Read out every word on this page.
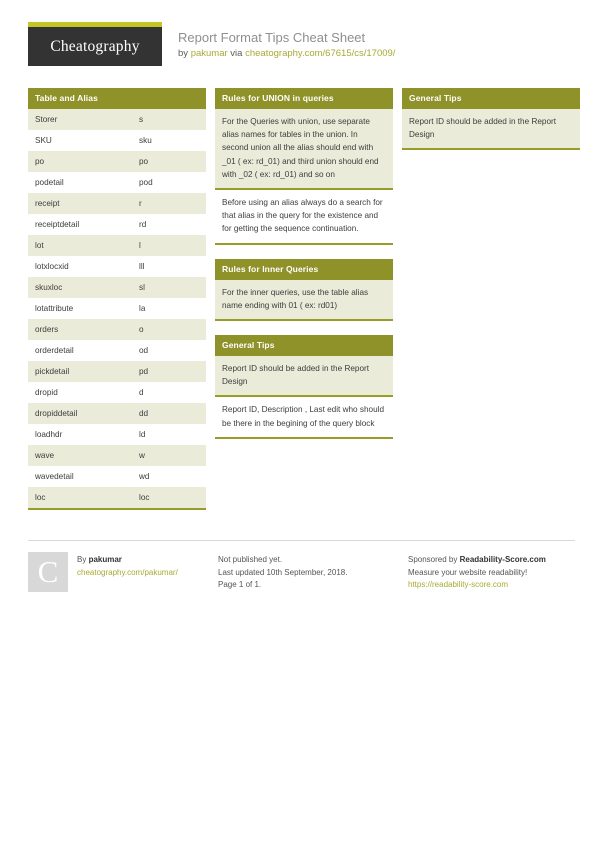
Cheatography	Report Format Tips Cheat Sheet
by pakumar via cheatography.com/67615/cs/17009/
Table and Alias
Storer	s
SKU	sku
po	po
podetail	pod
receipt	r
receiptdetail	rd
lot	l
lotxlocxid	lll
skuxloc	sl
lotattribute	la
orders	o
orderdetail	od
pickdetail	pd
dropid	d
dropiddetail	dd
loadhdr	ld
wave	w
wavedetail	wd
loc	loc
Rules for UNION in queries
For the Queries with union, use separate alias names for tables in the union. In second union all the alias should end with _01 ( ex: rd_01) and third union should end with _02 ( ex: rd_01) and so on
Before using an alias always do a search for that alias in the query for the existence and for getting the sequence continuation.
Rules for Inner Queries
For the inner queries, use the table alias name ending with 01 ( ex: rd01)
General Tips
Report ID should be added in the Report Design
Report ID, Description , Last edit who should be there in the begining of the query block
General Tips
Report ID should be added in the Report Design
C	By pakumar
cheatography.com/pakumar/
Not published yet.
Last updated 10th September, 2018.
Page 1 of 1.
Sponsored by Readability-Score.com
Measure your website readability!
https://readability-score.com
